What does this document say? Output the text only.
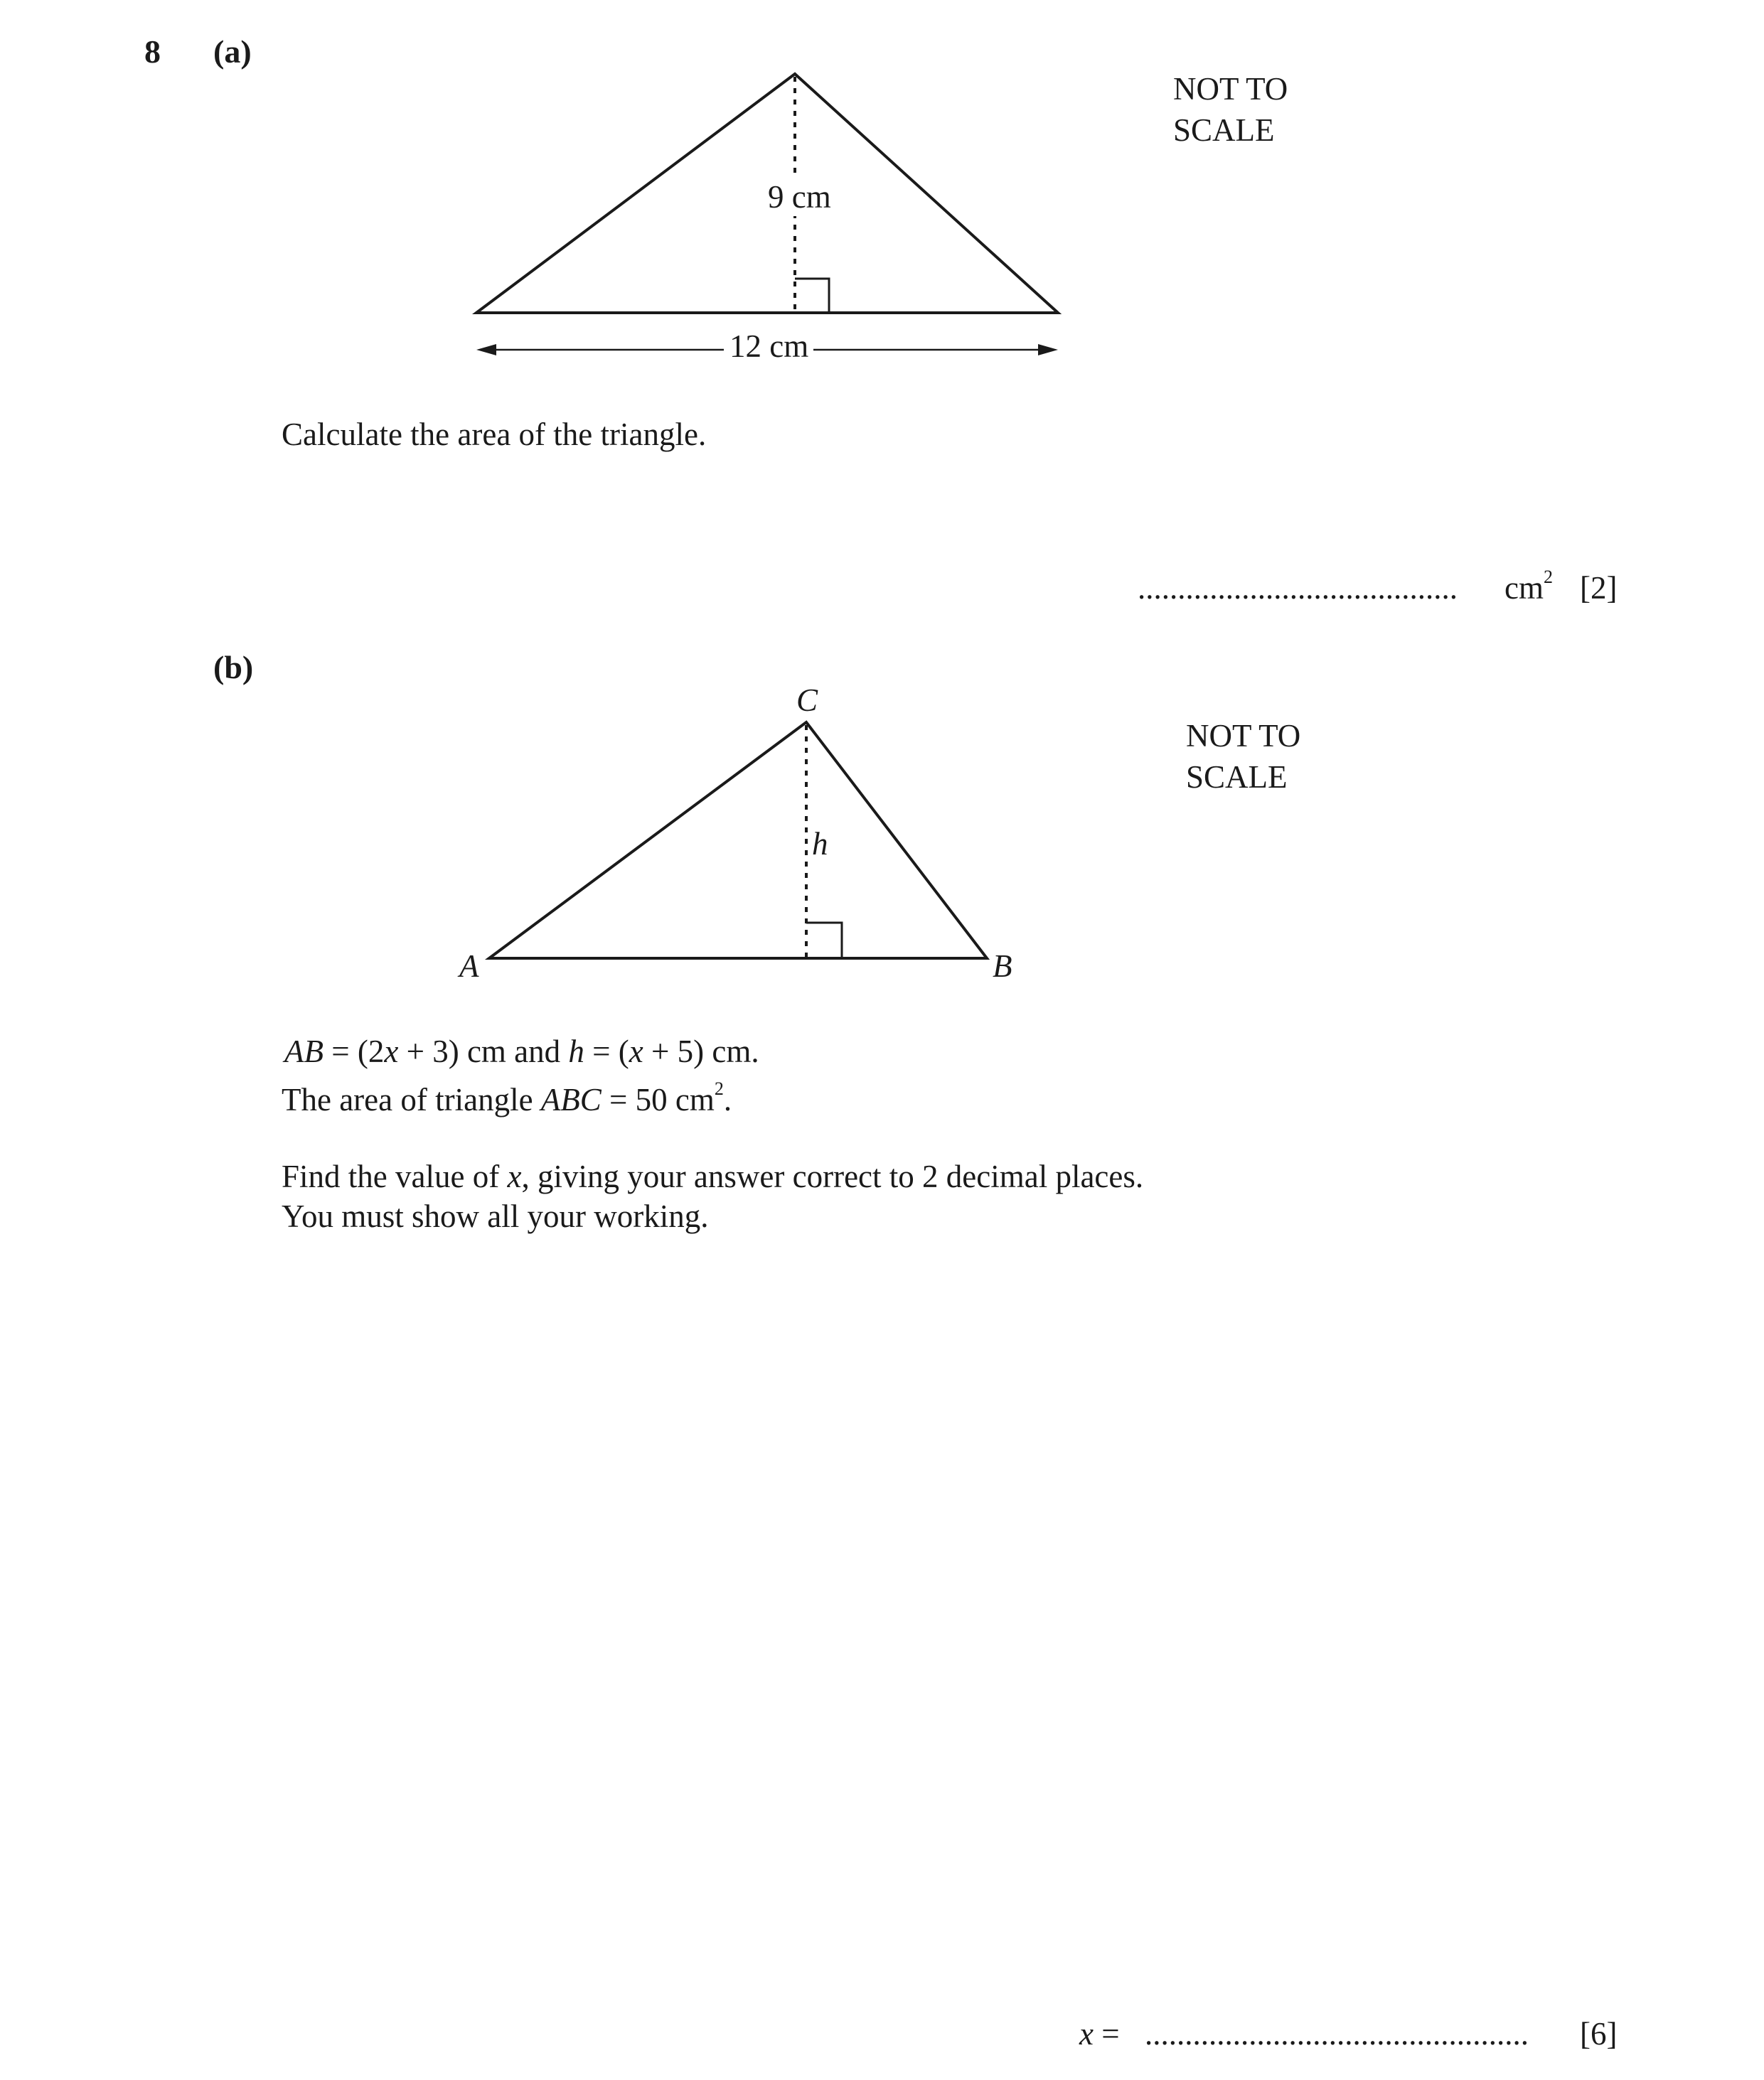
8 (a)
9 cm
12 cm
NOT TO
SCALE
Calculate the area of the triangle.
........................................ $cm^2$ [2]
(b)
C
A	B
h
NOT TO
SCALE
AB = (2x + 3) cm and h = (x + 5) cm.
The area of triangle ABC = 50 $cm^2$.
Find the value of x, giving your answer correct to 2 decimal places.
You must show all your working.
x = ................................................ [6]
